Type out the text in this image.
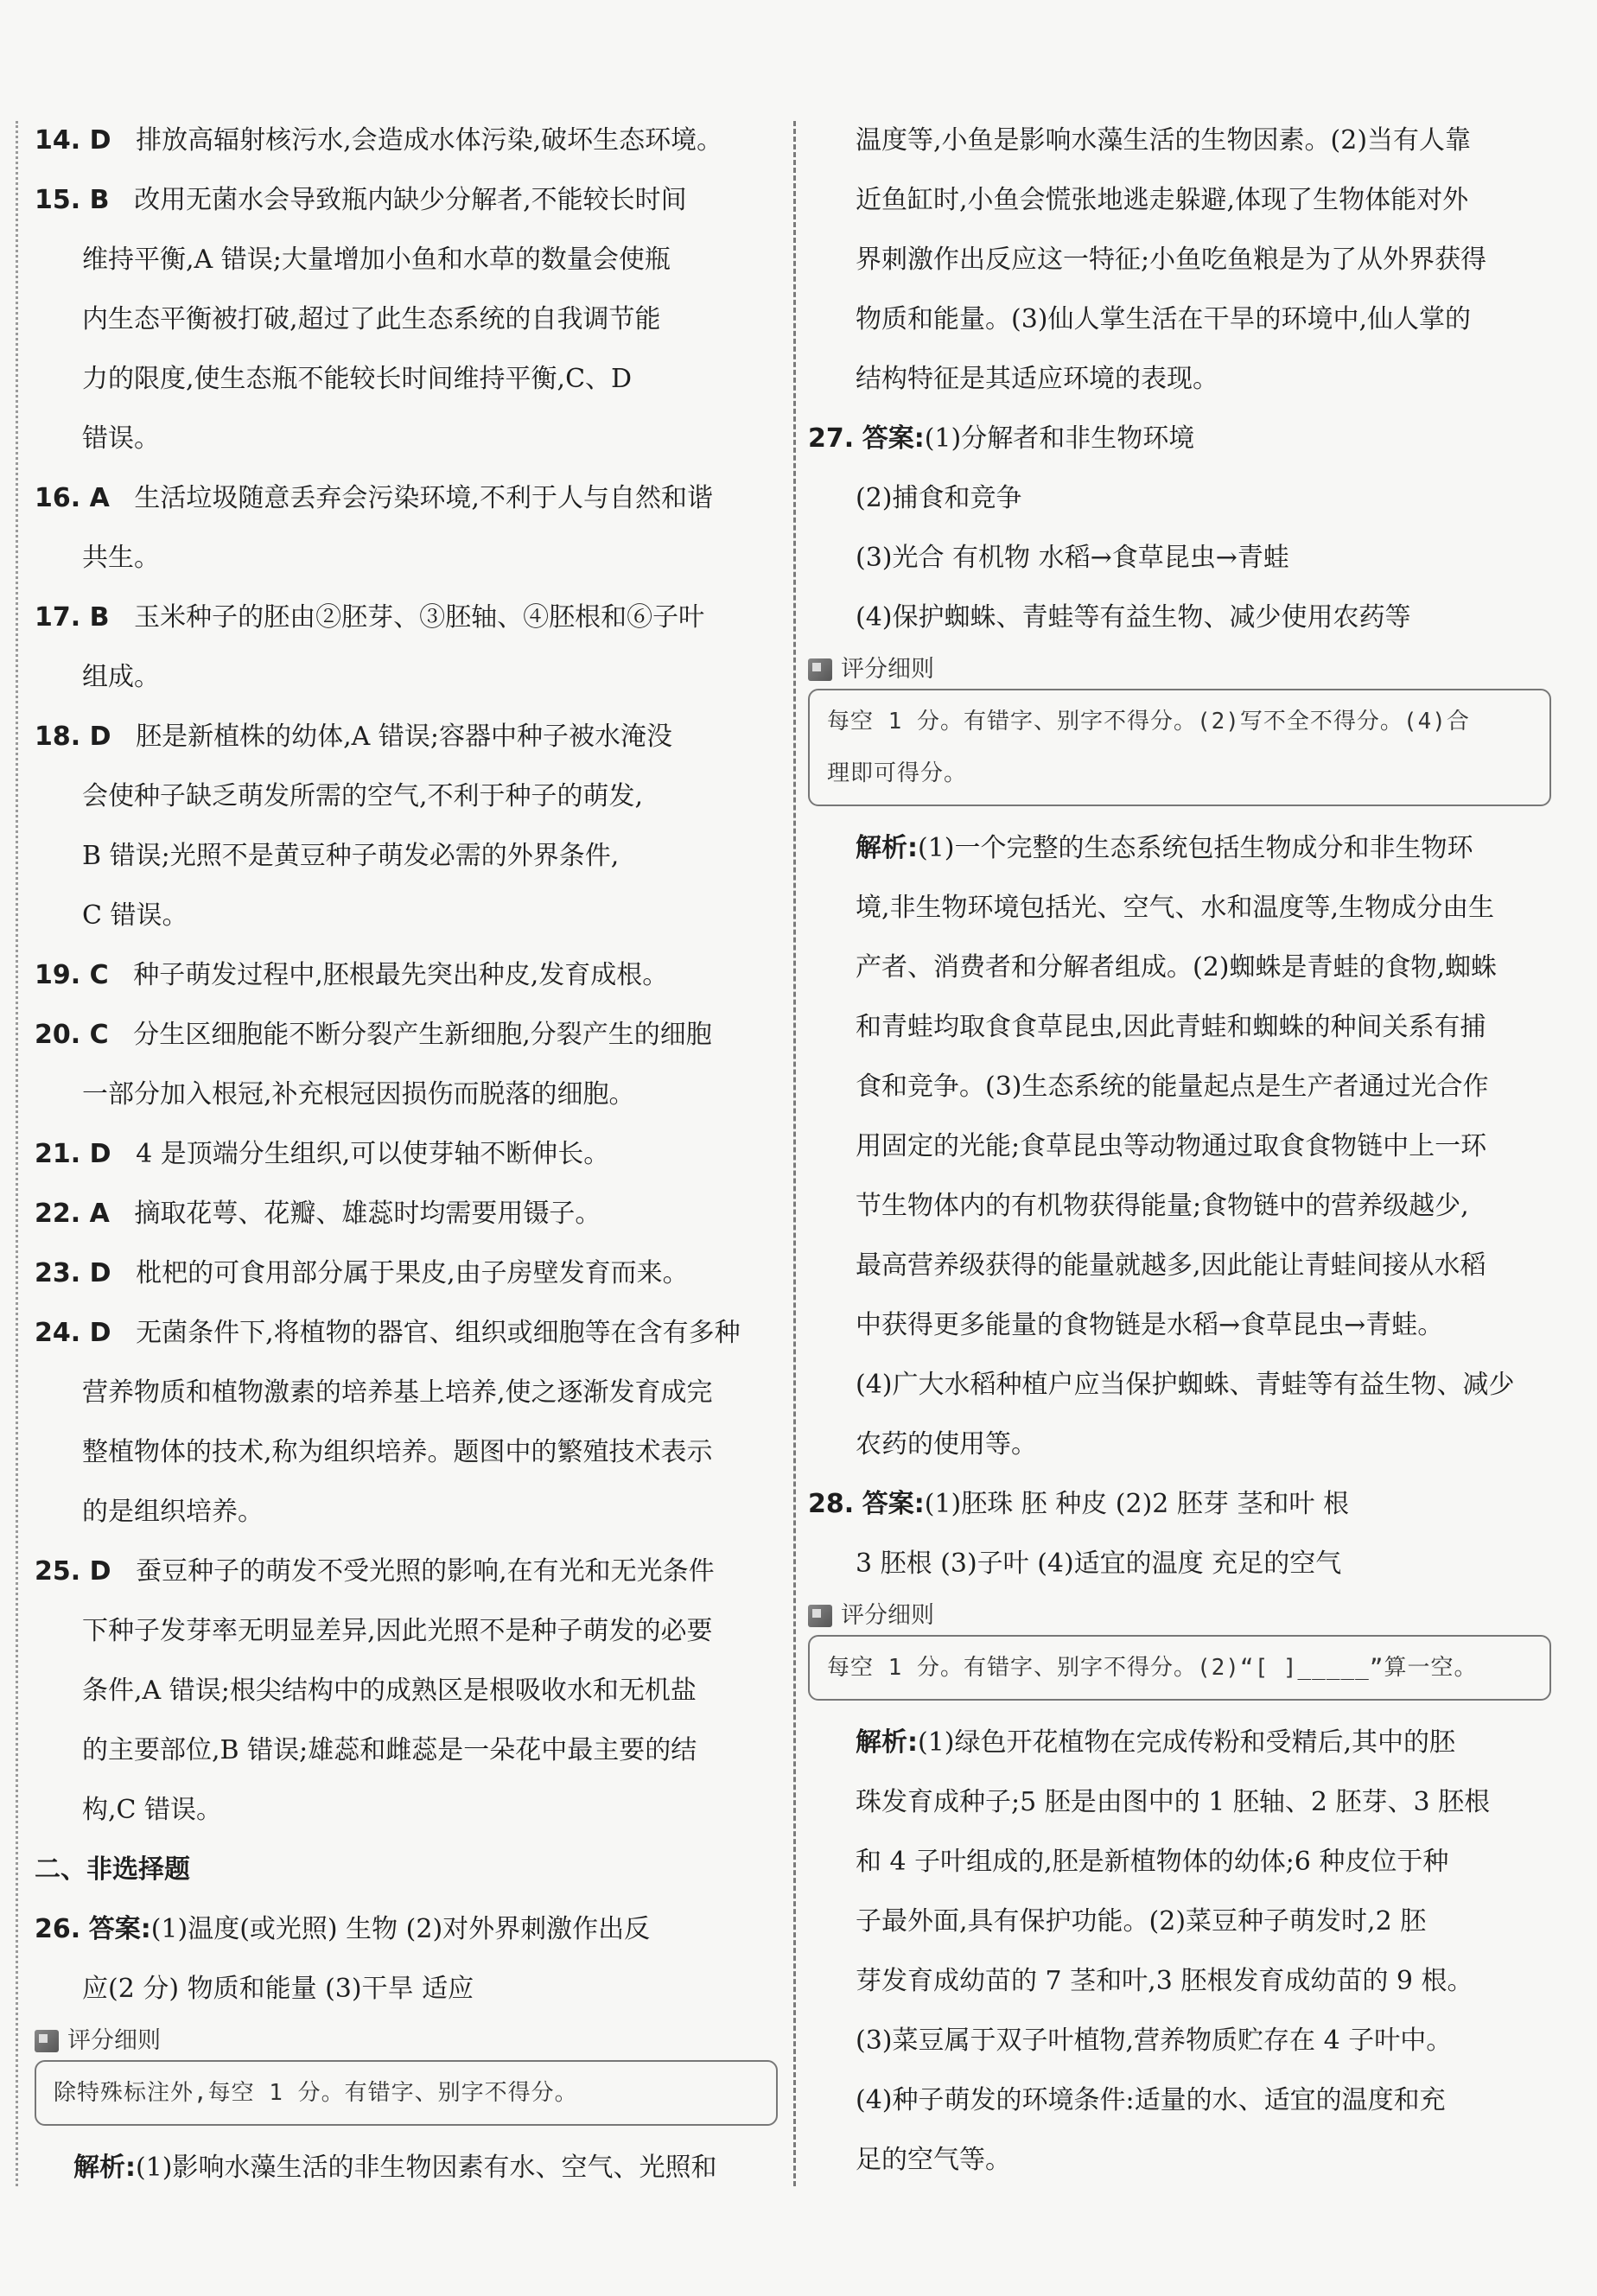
14. D 排放高辐射核污水,会造成水体污染,破坏生态环境。

15. B 改用无菌水会导致瓶内缺少分解者,不能较长时间

维持平衡,A 错误;大量增加小鱼和水草的数量会使瓶

内生态平衡被打破,超过了此生态系统的自我调节能

力的限度,使生态瓶不能较长时间维持平衡,C、D

错误。

16. A 生活垃圾随意丢弃会污染环境,不利于人与自然和谐

共生。

17. B 玉米种子的胚由②胚芽、③胚轴、④胚根和⑥子叶

组成。

18. D 胚是新植株的幼体,A 错误;容器中种子被水淹没

会使种子缺乏萌发所需的空气,不利于种子的萌发,

B 错误;光照不是黄豆种子萌发必需的外界条件,

C 错误。

19. C 种子萌发过程中,胚根最先突出种皮,发育成根。

20. C 分生区细胞能不断分裂产生新细胞,分裂产生的细胞

一部分加入根冠,补充根冠因损伤而脱落的细胞。

21. D 4 是顶端分生组织,可以使芽轴不断伸长。

22. A 摘取花萼、花瓣、雄蕊时均需要用镊子。

23. D 枇杷的可食用部分属于果皮,由子房壁发育而来。

24. D 无菌条件下,将植物的器官、组织或细胞等在含有多种

营养物质和植物激素的培养基上培养,使之逐渐发育成完

整植物体的技术,称为组织培养。题图中的繁殖技术表示

的是组织培养。

25. D 蚕豆种子的萌发不受光照的影响,在有光和无光条件

下种子发芽率无明显差异,因此光照不是种子萌发的必要

条件,A 错误;根尖结构中的成熟区是根吸收水和无机盐

的主要部位,B 错误;雄蕊和雌蕊是一朵花中最主要的结

构,C 错误。

二、非选择题

26. 答案:(1)温度(或光照) 生物 (2)对外界刺激作出反

应(2 分) 物质和能量 (3)干旱 适应

评分细则
除特殊标注外,每空 1 分。有错字、别字不得分。

解析:(1)影响水藻生活的非生物因素有水、空气、光照和

温度等,小鱼是影响水藻生活的生物因素。(2)当有人靠

近鱼缸时,小鱼会慌张地逃走躲避,体现了生物体能对外

界刺激作出反应这一特征;小鱼吃鱼粮是为了从外界获得

物质和能量。(3)仙人掌生活在干旱的环境中,仙人掌的

结构特征是其适应环境的表现。

27. 答案:(1)分解者和非生物环境

(2)捕食和竞争

(3)光合 有机物 水稻→食草昆虫→青蛙

(4)保护蜘蛛、青蛙等有益生物、减少使用农药等

评分细则
每空 1 分。有错字、别字不得分。(2)写不全不得分。(4)合
理即可得分。

解析:(1)一个完整的生态系统包括生物成分和非生物环

境,非生物环境包括光、空气、水和温度等,生物成分由生

产者、消费者和分解者组成。(2)蜘蛛是青蛙的食物,蜘蛛

和青蛙均取食食草昆虫,因此青蛙和蜘蛛的种间关系有捕

食和竞争。(3)生态系统的能量起点是生产者通过光合作

用固定的光能;食草昆虫等动物通过取食食物链中上一环

节生物体内的有机物获得能量;食物链中的营养级越少,

最高营养级获得的能量就越多,因此能让青蛙间接从水稻

中获得更多能量的食物链是水稻→食草昆虫→青蛙。

(4)广大水稻种植户应当保护蜘蛛、青蛙等有益生物、减少

农药的使用等。

28. 答案:(1)胚珠 胚 种皮 (2)2 胚芽 茎和叶 根

3 胚根 (3)子叶 (4)适宜的温度 充足的空气

评分细则
每空 1 分。有错字、别字不得分。(2)“[ ]_____”算一空。

解析:(1)绿色开花植物在完成传粉和受精后,其中的胚

珠发育成种子;5 胚是由图中的 1 胚轴、2 胚芽、3 胚根

和 4 子叶组成的,胚是新植物体的幼体;6 种皮位于种

子最外面,具有保护功能。(2)菜豆种子萌发时,2 胚

芽发育成幼苗的 7 茎和叶,3 胚根发育成幼苗的 9 根。

(3)菜豆属于双子叶植物,营养物质贮存在 4 子叶中。

(4)种子萌发的环境条件:适量的水、适宜的温度和充

足的空气等。
